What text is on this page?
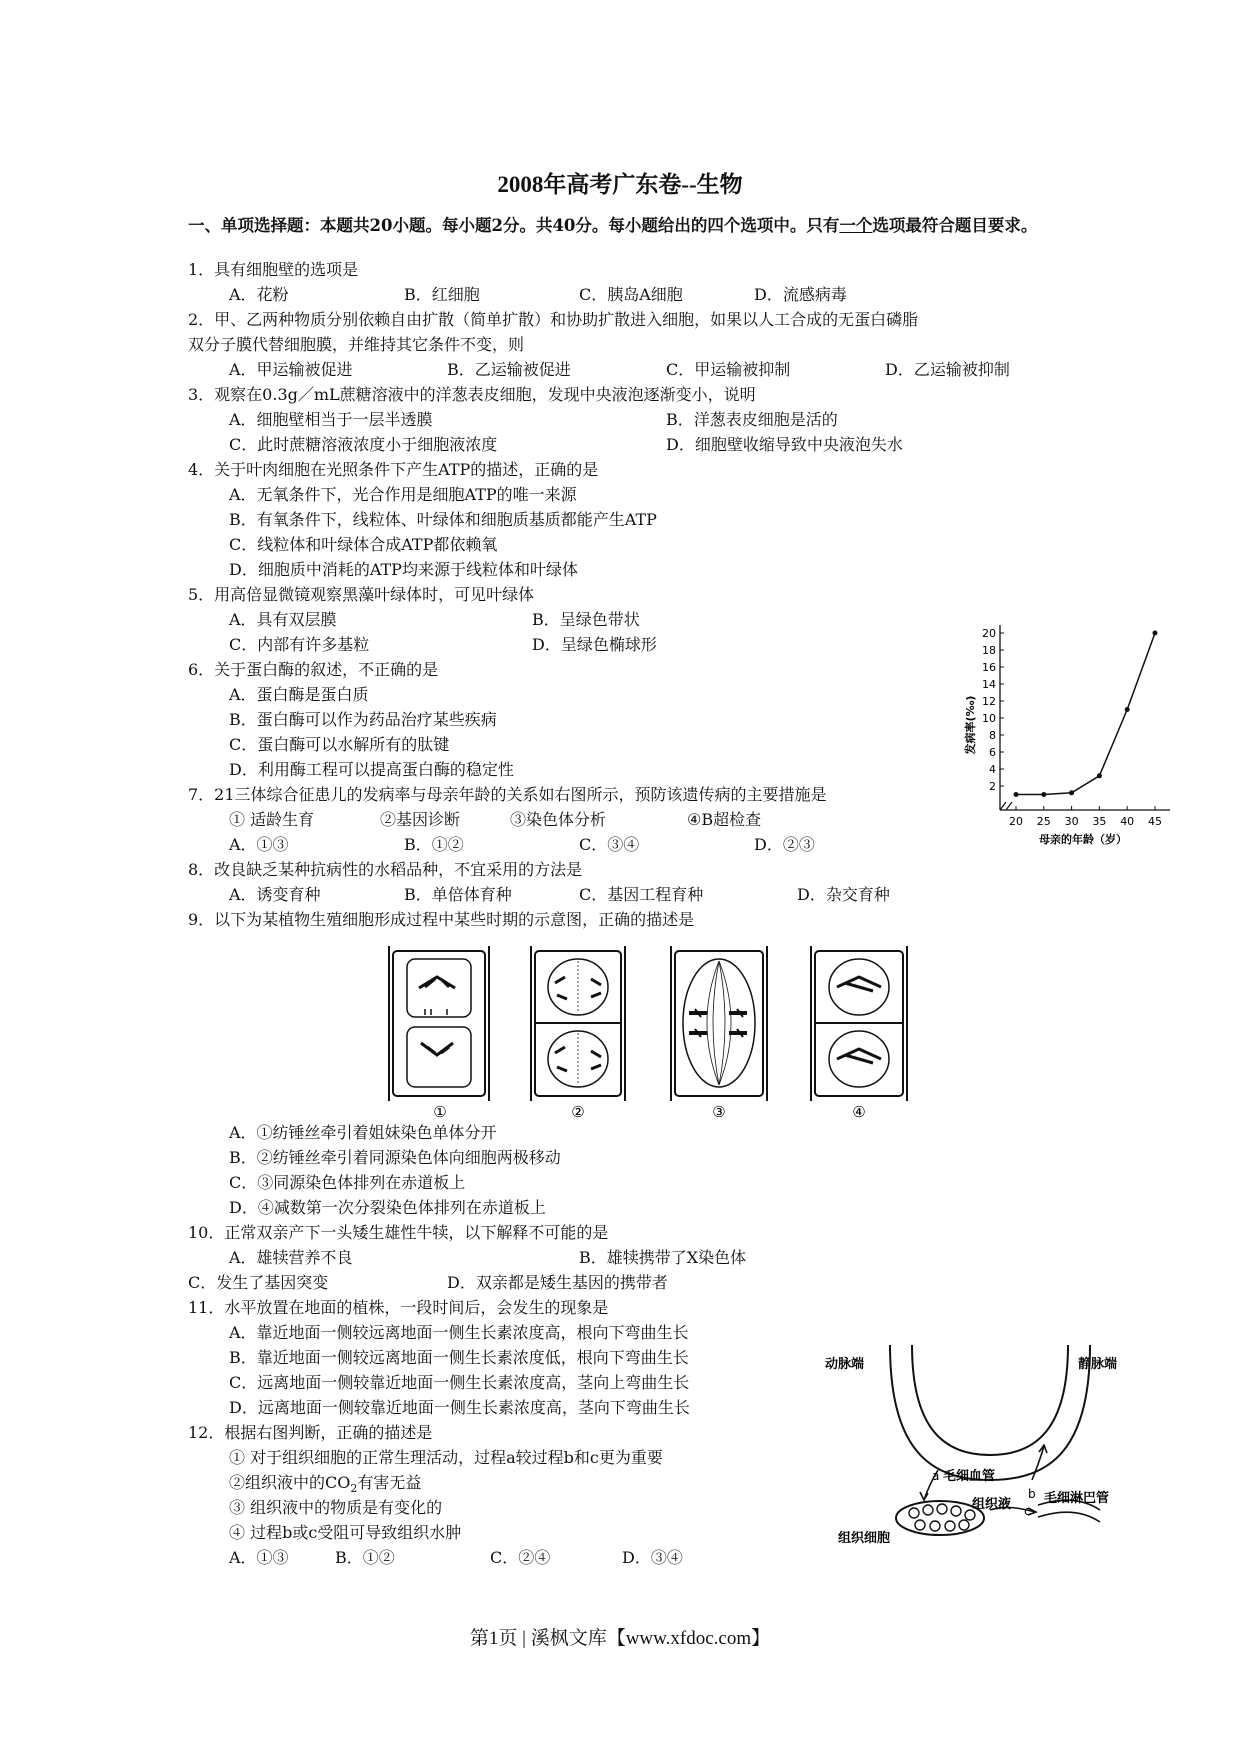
2008年高考广东卷--生物
一、单项选择题：本题共20小题。每小题2分。共40分。每小题给出的四个选项中。只有一个选项最符合题目要求。
1．具有细胞壁的选项是
A．花粉	B．红细胞	C．胰岛A细胞	D．流感病毒
2．甲、乙两种物质分别依赖自由扩散（简单扩散）和协助扩散进入细胞，如果以人工合成的无蛋白磷脂
双分子膜代替细胞膜，并维持其它条件不变，则
A．甲运输被促进	B．乙运输被促进	C．甲运输被抑制	D．乙运输被抑制
3．观察在0.3g／mL蔗糖溶液中的洋葱表皮细胞，发现中央液泡逐渐变小，说明
A．细胞壁相当于一层半透膜	B．洋葱表皮细胞是活的
C．此时蔗糖溶液浓度小于细胞液浓度	D．细胞壁收缩导致中央液泡失水
4．关于叶肉细胞在光照条件下产生ATP的描述，正确的是
A．无氧条件下，光合作用是细胞ATP的唯一来源
B．有氧条件下，线粒体、叶绿体和细胞质基质都能产生ATP
C．线粒体和叶绿体合成ATP都依赖氧
D．细胞质中消耗的ATP均来源于线粒体和叶绿体
5．用高倍显微镜观察黑藻叶绿体时，可见叶绿体
A．具有双层膜	B．呈绿色带状
C．内部有许多基粒	D．呈绿色椭球形
6．关于蛋白酶的叙述，不正确的是
A．蛋白酶是蛋白质
B．蛋白酶可以作为药品治疗某些疾病
C．蛋白酶可以水解所有的肽键
D．利用酶工程可以提高蛋白酶的稳定性
7．21三体综合征患儿的发病率与母亲年龄的关系如右图所示，预防该遗传病的主要措施是
① 适龄生育	②基因诊断	③染色体分析	④B超检查
A．①③	B．①②	C．③④	D．②③
8．改良缺乏某种抗病性的水稻品种，不宜采用的方法是
A．诱变育种	B．单倍体育种	C．基因工程育种	D．杂交育种
9．以下为某植物生殖细胞形成过程中某些时期的示意图，正确的描述是
①	②	③	④
A．①纺锤丝牵引着姐妹染色单体分开
B．②纺锤丝牵引着同源染色体向细胞两极移动
C．③同源染色体排列在赤道板上
D．④减数第一次分裂染色体排列在赤道板上
10．正常双亲产下一头矮生雄性牛犊，以下解释不可能的是
A．雄犊营养不良	B．雄犊携带了X染色体
C．发生了基因突变	D．双亲都是矮生基因的携带者
11．水平放置在地面的植株，一段时间后，会发生的现象是
A．靠近地面一侧较远离地面一侧生长素浓度高，根向下弯曲生长
B．靠近地面一侧较远离地面一侧生长素浓度低，根向下弯曲生长
C．远离地面一侧较靠近地面一侧生长素浓度高，茎向上弯曲生长
D．远离地面一侧较靠近地面一侧生长素浓度高，茎向下弯曲生长
12．根据右图判断，正确的描述是
① 对于组织细胞的正常生理活动，过程a较过程b和c更为重要
②组织液中的$CO_2$有害无益
③ 组织液中的物质是有变化的
④ 过程b或c受阻可导致组织水肿
A．①③	B．①②	C．②④	D．③④
2
4
6
8
10
12
14
16
18
20
20 25 30 35 40 45
发病率(‰)
母亲的年龄（岁）
动脉端	静脉端
a 毛细血管
b
组织液 c
毛细淋巴管
组织细胞
第1页 | 溪枫文库【www.xfdoc.com】
